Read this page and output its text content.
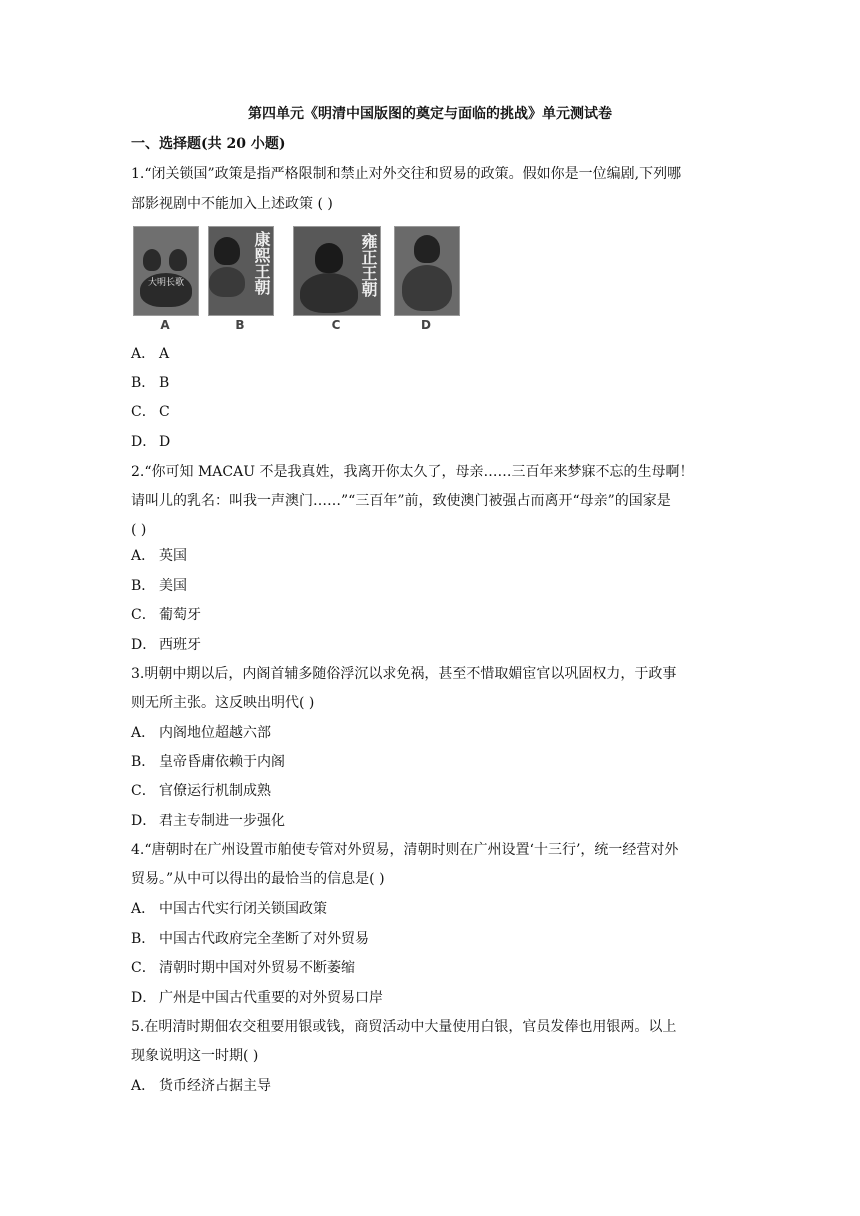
第四单元《明清中国版图的奠定与面临的挑战》单元测试卷
一、选择题(共 20 小题)
1.“闭关锁国”政策是指严格限制和禁止对外交往和贸易的政策。假如你是一位编剧,下列哪
部影视剧中不能加入上述政策 ( )
大明长歌
A
康熙王朝
B
雍正王朝
C	D
A． A
B． B
C． C
D． D
2.“你可知 MACAU 不是我真姓，我离开你太久了，母亲……三百年来梦寐不忘的生母啊！
请叫儿的乳名：叫我一声澳门……”“三百年”前，致使澳门被强占而离开“母亲”的国家是
( )
A． 英国
B． 美国
C． 葡萄牙
D． 西班牙
3.明朝中期以后，内阁首辅多随俗浮沉以求免祸，甚至不惜取媚宦官以巩固权力，于政事
则无所主张。这反映出明代( )
A． 内阁地位超越六部
B． 皇帝昏庸依赖于内阁
C． 官僚运行机制成熟
D． 君主专制进一步强化
4.“唐朝时在广州设置市舶使专管对外贸易，清朝时则在广州设置‘十三行’，统一经营对外
贸易。”从中可以得出的最恰当的信息是( )
A． 中国古代实行闭关锁国政策
B． 中国古代政府完全垄断了对外贸易
C． 清朝时期中国对外贸易不断萎缩
D． 广州是中国古代重要的对外贸易口岸
5.在明清时期佃农交租要用银或钱，商贸活动中大量使用白银，官员发俸也用银两。以上
现象说明这一时期( )
A． 货币经济占据主导
